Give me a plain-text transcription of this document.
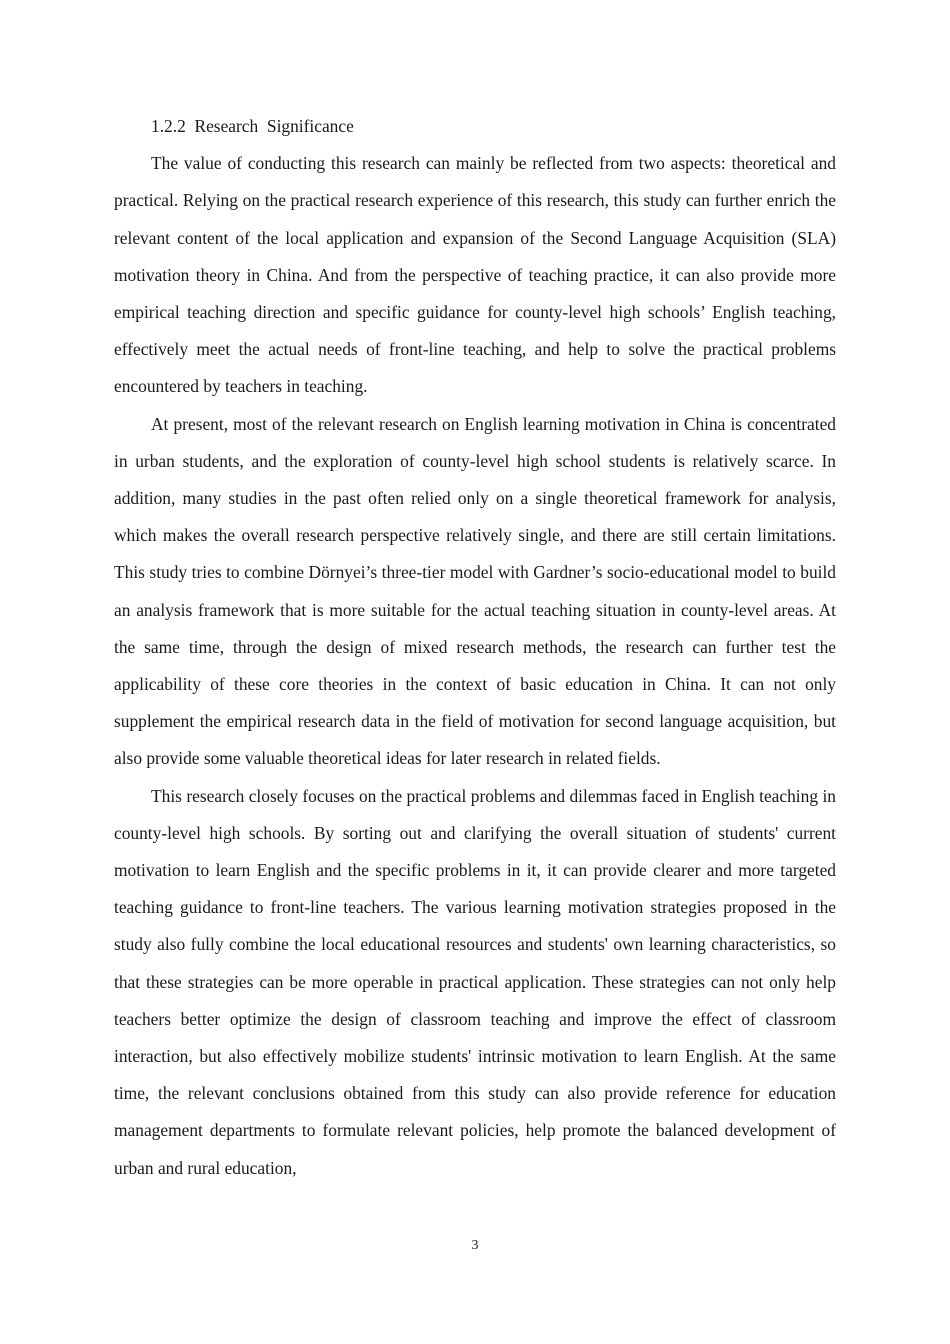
1.2.2  Research  Significance

The value of conducting this research can mainly be reflected from two aspects: theoretical and practical. Relying on the practical research experience of this research, this study can further enrich the relevant content of the local application and expansion of the Second Language Acquisition (SLA) motivation theory in China. And from the perspective of teaching practice, it can also provide more empirical teaching direction and specific guidance for county-level high schools’ English teaching, effectively meet the actual needs of front-line teaching, and help to solve the practical problems encountered by teachers in teaching.

At present, most of the relevant research on English learning motivation in China is concentrated in urban students, and the exploration of county-level high school students is relatively scarce. In addition, many studies in the past often relied only on a single theoretical framework for analysis, which makes the overall research perspective relatively single, and there are still certain limitations. This study tries to combine Dörnyei’s three-tier model with Gardner’s socio-educational model to build an analysis framework that is more suitable for the actual teaching situation in county-level areas. At the same time, through the design of mixed research methods, the research can further test the applicability of these core theories in the context of basic education in China. It can not only supplement the empirical research data in the field of motivation for second language acquisition, but also provide some valuable theoretical ideas for later research in related fields.

This research closely focuses on the practical problems and dilemmas faced in English teaching in county-level high schools. By sorting out and clarifying the overall situation of students' current motivation to learn English and the specific problems in it, it can provide clearer and more targeted teaching guidance to front-line teachers. The various learning motivation strategies proposed in the study also fully combine the local educational resources and students' own learning characteristics, so that these strategies can be more operable in practical application. These strategies can not only help teachers better optimize the design of classroom teaching and improve the effect of classroom interaction, but also effectively mobilize students' intrinsic motivation to learn English. At the same time, the relevant conclusions obtained from this study can also provide reference for education management departments to formulate relevant policies, help promote the balanced development of urban and rural education,

3
